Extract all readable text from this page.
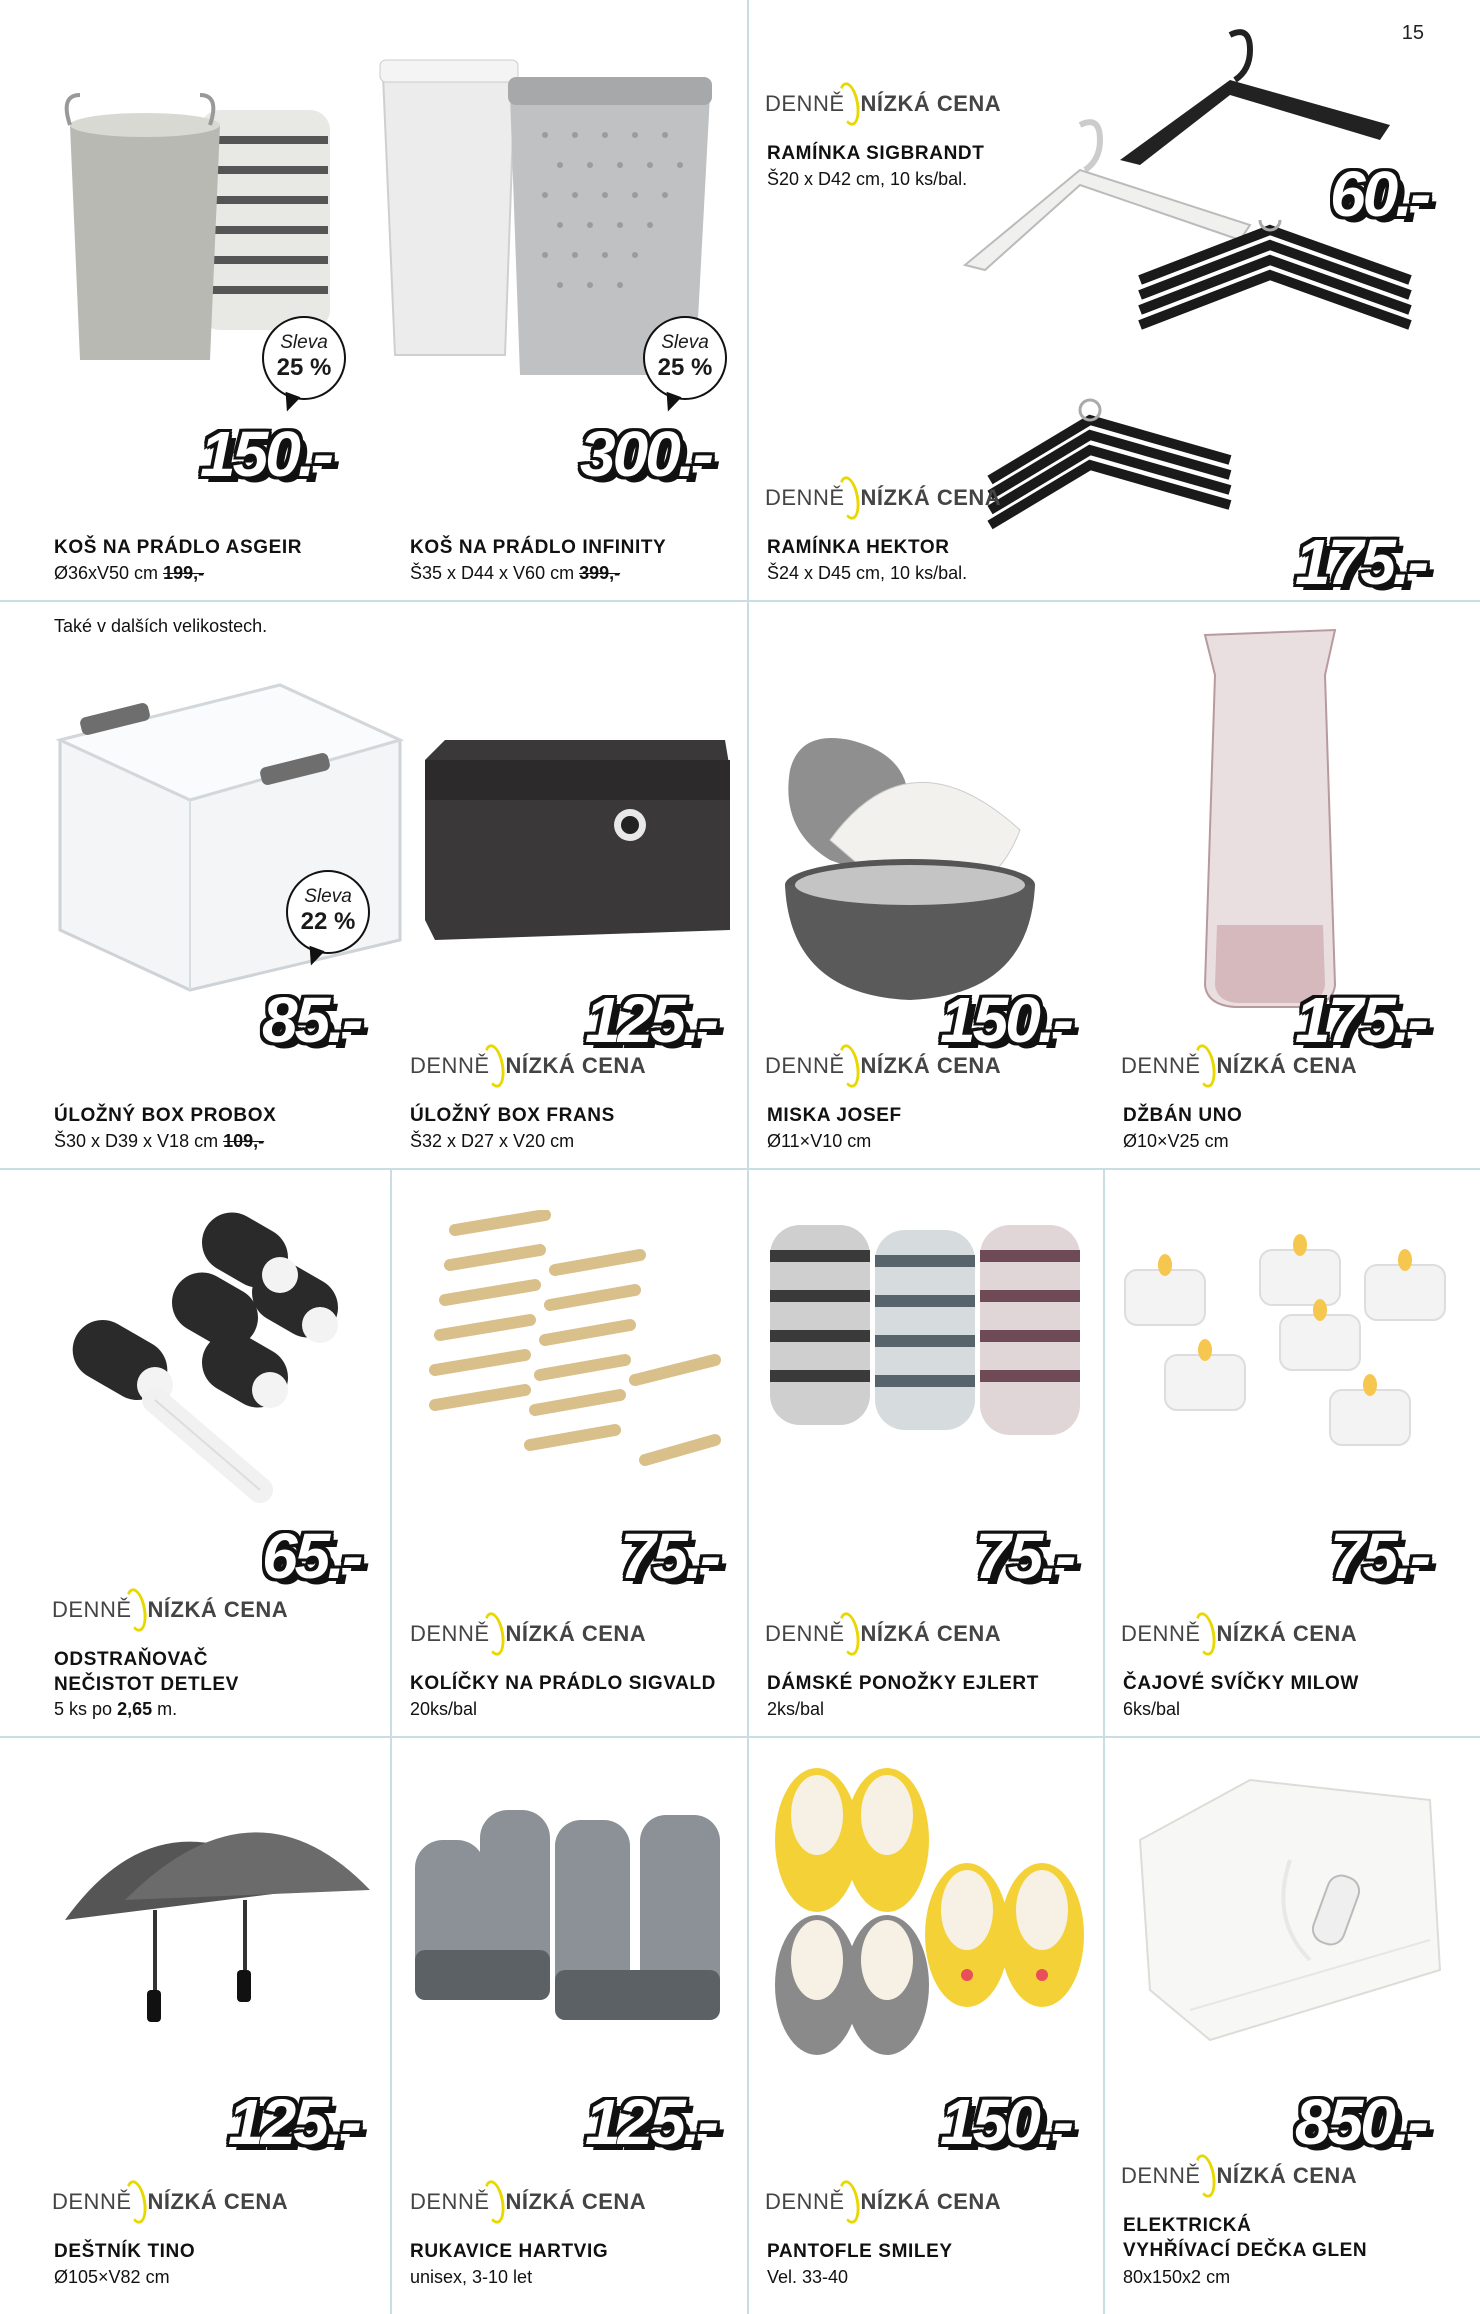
15
Sleva
25 %
150.-
KOŠ NA PRÁDLO ASGEIR
Ø36xV50 cm 199,-
Sleva
25 %
300.-
KOŠ NA PRÁDLO INFINITY
Š35 x D44 x V60 cm 399,-
DENNĚ NÍZKÁ CENA
RAMÍNKA SIGBRANDT
Š20 x D42 cm, 10 ks/bal.	60.-
DENNĚ NÍZKÁ CENA
175.-
RAMÍNKA HEKTOR
Š24 x D45 cm, 10 ks/bal.
Také v dalších velikostech.
Sleva
22 %
85.-
ÚLOŽNÝ BOX PROBOX
Š30 x D39 x V18 cm 109,-
125.-
DENNĚ NÍZKÁ CENA
ÚLOŽNÝ BOX FRANS
Š32 x D27 x V20 cm
150.-
DENNĚ NÍZKÁ CENA
MISKA JOSEF
Ø11×V10 cm
175.-
DENNĚ NÍZKÁ CENA
DŽBÁN UNO
Ø10×V25 cm
65.-
DENNĚ NÍZKÁ CENA
ODSTRAŇOVAČ
NEČISTOT DETLEV
5 ks po 2,65 m.
75.-
DENNĚ NÍZKÁ CENA
KOLÍČKY NA PRÁDLO SIGVALD
20ks/bal
75.-
DENNĚ NÍZKÁ CENA
DÁMSKÉ PONOŽKY EJLERT
2ks/bal
75.-
DENNĚ NÍZKÁ CENA
ČAJOVÉ SVÍČKY MILOW
6ks/bal
125.-
DENNĚ NÍZKÁ CENA
DEŠTNÍK TINO
Ø105×V82 cm
125.-
DENNĚ NÍZKÁ CENA
RUKAVICE HARTVIG
unisex, 3-10 let
150.-
DENNĚ NÍZKÁ CENA
PANTOFLE SMILEY
Vel. 33-40
850.-
DENNĚ NÍZKÁ CENA
ELEKTRICKÁ
VYHŘÍVACÍ DEČKA GLEN
80x150x2 cm
